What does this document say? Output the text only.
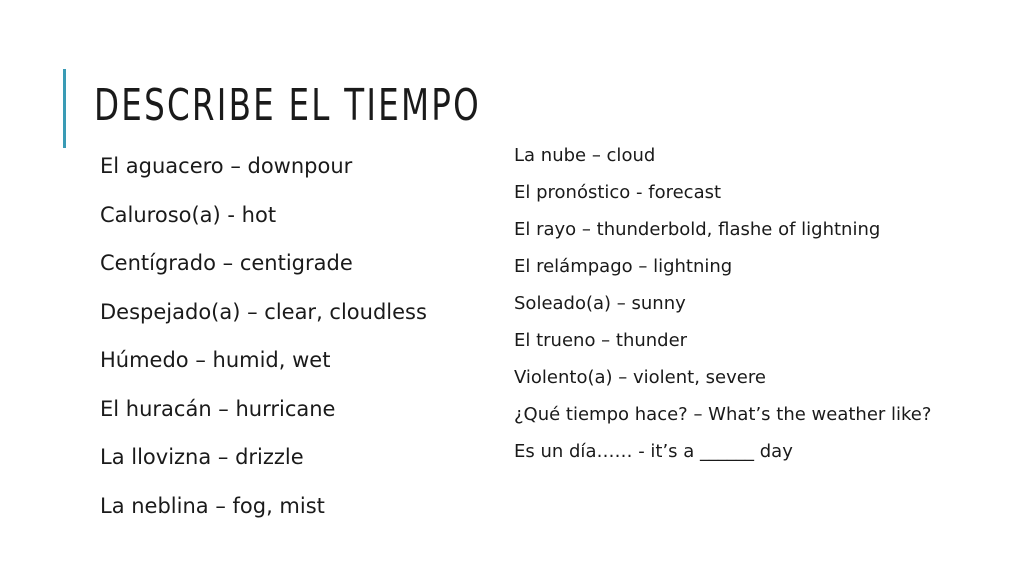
DESCRIBE EL TIEMPO
El aguacero – downpour
Caluroso(a) - hot
Centígrado – centigrade
Despejado(a) – clear, cloudless
Húmedo – humid, wet
El huracán – hurricane
La llovizna – drizzle
La neblina – fog, mist
La nube – cloud
El pronóstico - forecast
El rayo – thunderbold, flashe of lightning
El relámpago – lightning
Soleado(a) – sunny
El trueno – thunder
Violento(a) – violent, severe
¿Qué tiempo hace? – What’s the weather like?
Es un día…… - it’s a ______ day
